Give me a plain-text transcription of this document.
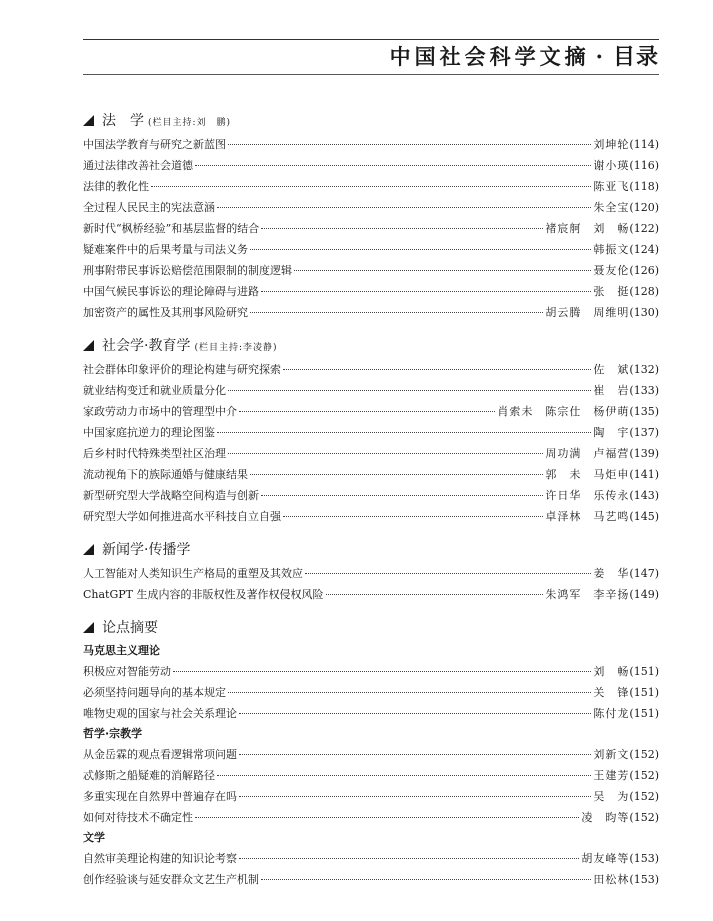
中国社会科学文摘 · 目录
法　学 (栏目主持:刘　鹏)
中国法学教育与研究之新蓝图	刘坤轮 (114)
通过法律改善社会道德	谢小瑛 (116)
法律的教化性	陈亚飞 (118)
全过程人民民主的宪法意涵	朱全宝 (120)
新时代“枫桥经验”和基层监督的结合	褚宸舸　刘　畅 (122)
疑难案件中的后果考量与司法义务	韩振文 (124)
刑事附带民事诉讼赔偿范围限制的制度逻辑	聂友伦 (126)
中国气候民事诉讼的理论障碍与进路	张　挺 (128)
加密资产的属性及其刑事风险研究	胡云腾　周维明 (130)
社会学·教育学 (栏目主持:李凌静)
社会群体印象评价的理论构建与研究探索	佐　斌 (132)
就业结构变迁和就业质量分化	崔　岩 (133)
家政劳动力市场中的管理型中介	肖索未　陈宗仕　杨伊萌 (135)
中国家庭抗逆力的理论图鉴	陶　宇 (137)
后乡村时代特殊类型社区治理	周功满　卢福营 (139)
流动视角下的族际通婚与健康结果	郭　未　马炬申 (141)
新型研究型大学战略空间构造与创新	许日华　乐传永 (143)
研究型大学如何推进高水平科技自立自强	卓泽林　马艺鸣 (145)
新闻学·传播学
人工智能对人类知识生产格局的重塑及其效应	姜　华 (147)
ChatGPT 生成内容的非版权性及著作权侵权风险	朱鸿军　李辛扬 (149)
论点摘要
马克思主义理论
积极应对智能劳动	刘　畅 (151)
必须坚持问题导向的基本规定	关　锋 (151)
唯物史观的国家与社会关系理论	陈付龙 (151)
哲学·宗教学
从金岳霖的观点看逻辑常项问题	刘新文 (152)
忒修斯之船疑难的消解路径	王建芳 (152)
多重实现在自然界中普遍存在吗	吴　为 (152)
如何对待技术不确定性	凌　昀等 (152)
文学
自然审美理论构建的知识论考察	胡友峰等 (153)
创作经验谈与延安群众文艺生产机制	田松林 (153)
